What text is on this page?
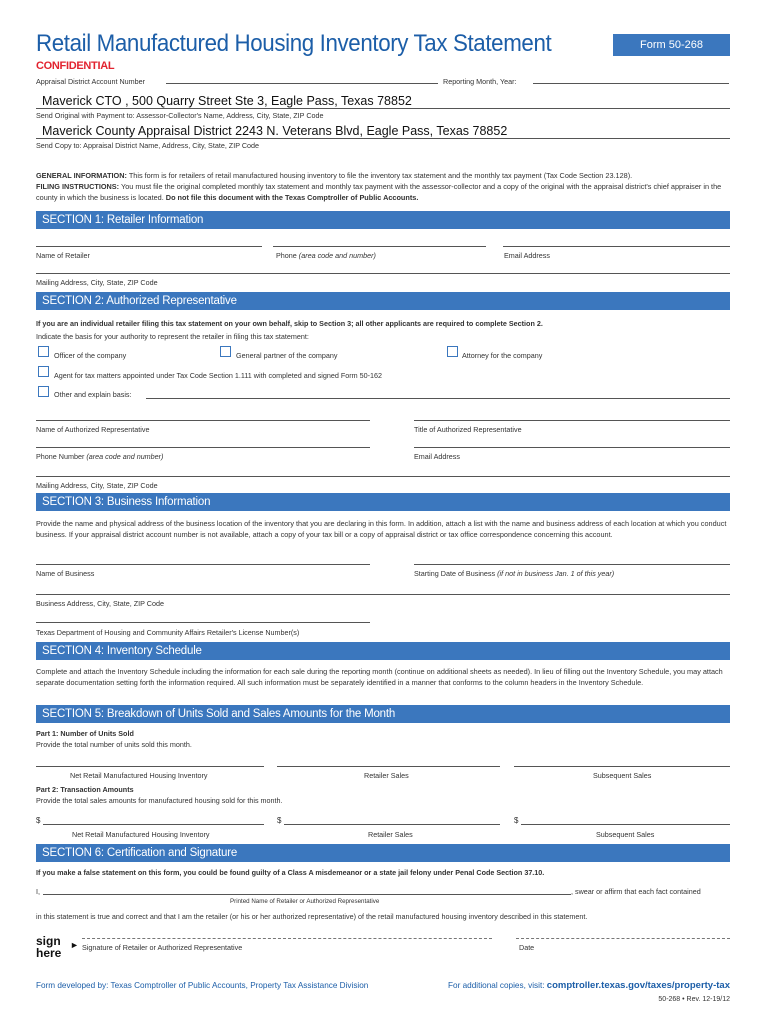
Retail Manufactured Housing Inventory Tax Statement	Form 50-268
CONFIDENTIAL
Appraisal District Account Number	Reporting Month, Year:
Maverick CTO , 500 Quarry Street Ste 3, Eagle Pass, Texas 78852
Send Original with Payment to: Assessor-Collector's Name, Address, City, State, ZIP Code
Maverick County Appraisal District 2243 N. Veterans Blvd, Eagle Pass, Texas 78852
Send Copy to: Appraisal District Name, Address, City, State, ZIP Code
GENERAL INFORMATION: This form is for retailers of retail manufactured housing inventory to file the inventory tax statement and the monthly tax payment (Tax Code Section 23.128).
FILING INSTRUCTIONS: You must file the original completed monthly tax statement and monthly tax payment with the assessor-collector and a copy of the original with the appraisal district's chief appraiser in the county in which the business is located. Do not file this document with the Texas Comptroller of Public Accounts.
SECTION 1: Retailer Information
Name of Retailer	Phone (area code and number)	Email Address
Mailing Address, City, State, ZIP Code
SECTION 2: Authorized Representative
If you are an individual retailer filing this tax statement on your own behalf, skip to Section 3; all other applicants are required to complete Section 2.
Indicate the basis for your authority to represent the retailer in filing this tax statement:
Officer of the company	General partner of the company	Attorney for the company
Agent for tax matters appointed under Tax Code Section 1.111 with completed and signed Form 50-162
Other and explain basis:
Name of Authorized Representative	Title of Authorized Representative
Phone Number (area code and number)	Email Address
Mailing Address, City, State, ZIP Code
SECTION 3: Business Information
Provide the name and physical address of the business location of the inventory that you are declaring in this form. In addition, attach a list with the name and business address of each location at which you conduct business. If your appraisal district account number is not available, attach a copy of your tax bill or a copy of appraisal district or tax office correspondence concerning this account.
Name of Business	Starting Date of Business (if not in business Jan. 1 of this year)
Business Address, City, State, ZIP Code
Texas Department of Housing and Community Affairs Retailer's License Number(s)
SECTION 4: Inventory Schedule
Complete and attach the Inventory Schedule including the information for each sale during the reporting month (continue on additional sheets as needed). In lieu of filling out the Inventory Schedule, you may attach separate documentation setting forth the information required. All such information must be separately identified in a manner that conforms to the column headers in the Inventory Schedule.
SECTION 5: Breakdown of Units Sold and Sales Amounts for the Month
Part 1: Number of Units Sold
Provide the total number of units sold this month.
Net Retail Manufactured Housing Inventory	Retailer Sales	Subsequent Sales
Part 2: Transaction Amounts
Provide the total sales amounts for manufactured housing sold for this month.
$	$	$
Net Retail Manufactured Housing Inventory	Retailer Sales	Subsequent Sales
SECTION 6: Certification and Signature
If you make a false statement on this form, you could be found guilty of a Class A misdemeanor or a state jail felony under Penal Code Section 37.10.
I,	, swear or affirm that each fact contained
Printed Name of Retailer or Authorized Representative
in this statement is true and correct and that I am the retailer (or his or her authorized representative) of the retail manufactured housing inventory described in this statement.
sign
here
► Signature of Retailer or Authorized Representative	Date
Form developed by: Texas Comptroller of Public Accounts, Property Tax Assistance Division	For additional copies, visit: comptroller.texas.gov/taxes/property-tax
50-268 • Rev. 12-19/12
